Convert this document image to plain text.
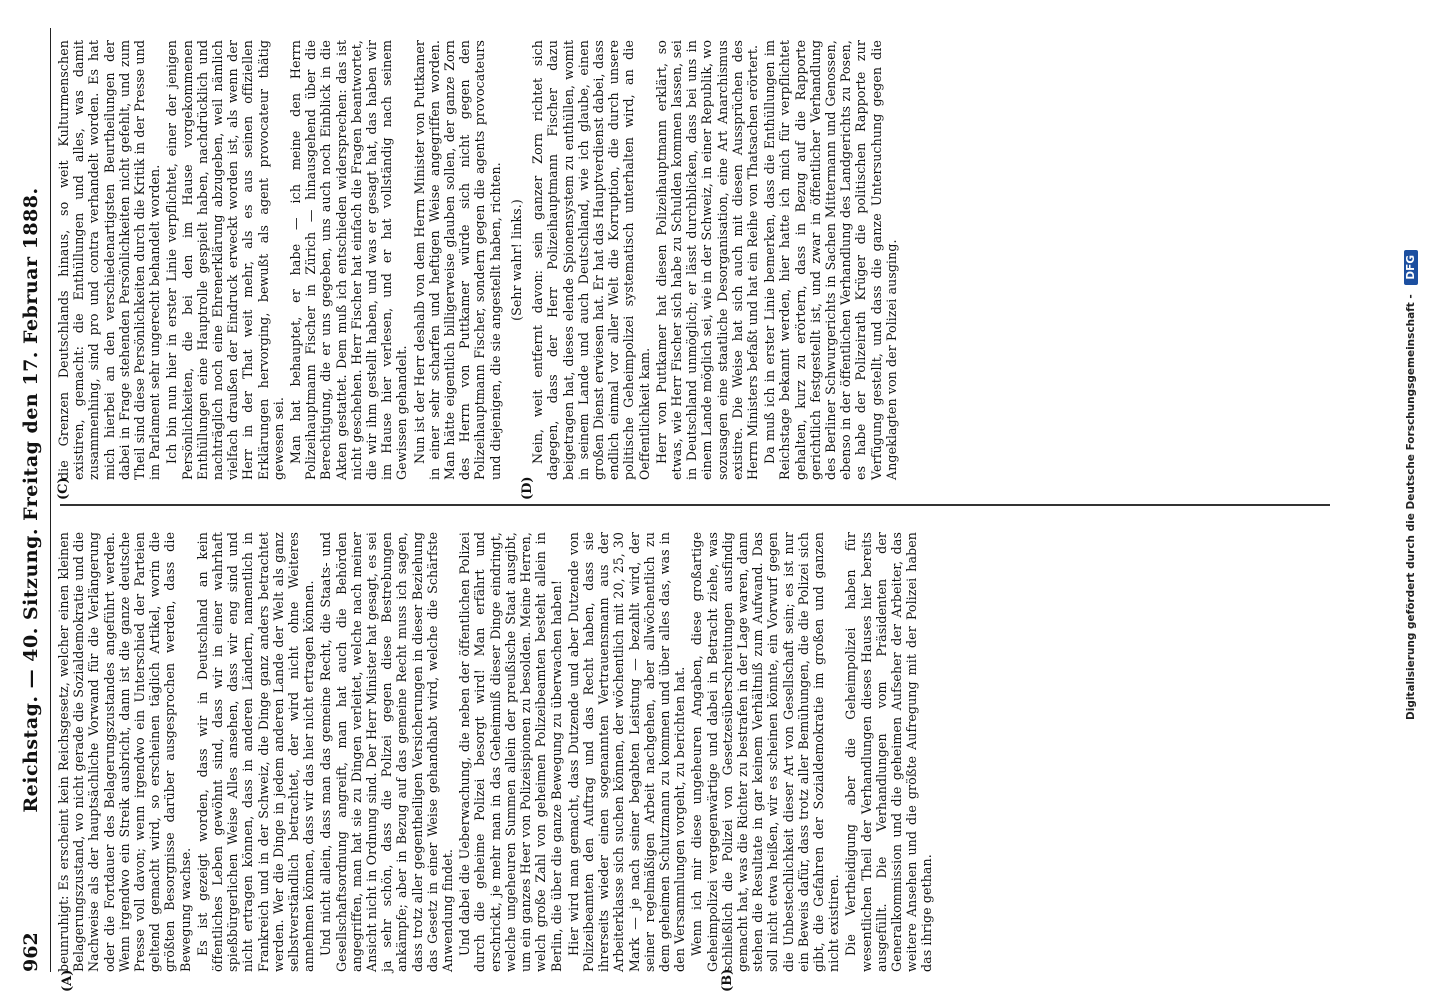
962
Reichstag. — 40. Sitzung. Freitag den 17. Februar 1888.
(A)	(B)
(C)	(D)

beunruhigt: Es erscheint kein Reichsgesetz, welcher einen kleinen Belagerungszustand, wo nicht gerade die Sozialdemokratie und die Nachweise als der hauptsächliche Vorwand für die Verlängerung oder die Fortdauer des Belagerungszustandes angeführt werden. Wenn irgendwo ein Streik ausbricht, dann ist die ganze deutsche Presse voll davon; wenn irgendwo ein Unterschied der Parteien geltend gemacht wird, so erscheinen täglich Artikel, worin die größten Besorgnisse darüber ausgesprochen werden, dass die Bewegung wachse. Es ist gezeigt worden, dass wir in Deutschland an kein öffentliches Leben gewöhnt sind, dass wir in einer wahrhaft spießbürgerlichen Weise Alles ansehen, dass wir eng sind und nicht ertragen können, dass in anderen Ländern, namentlich in Frankreich und in der Schweiz, die Dinge ganz anders betrachtet werden. Wer die Dinge in jedem anderen Lande der Welt als ganz selbstverständlich betrachtet, der wird nicht ohne Weiteres annehmen können, dass wir das hier nicht ertragen können. Und nicht allein, dass man das gemeine Recht, die Staats- und Gesellschaftsordnung angreift, man hat auch die Behörden angegriffen, man hat sie zu Dingen verleitet, welche nach meiner Ansicht nicht in Ordnung sind. Der Herr Minister hat gesagt, es sei ja sehr schön, dass die Polizei gegen diese Bestrebungen ankämpfe; aber in Bezug auf das gemeine Recht muss ich sagen, dass trotz aller gegentheiligen Versicherungen in dieser Beziehung das Gesetz in einer Weise gehandhabt wird, welche die Schärfste Anwendung findet. Und dabei die Ueberwachung, die neben der öffentlichen Polizei durch die geheime Polizei besorgt wird! Man erfährt und erschrickt, je mehr man in das Geheimniß dieser Dinge eindringt, welche ungeheuren Summen allein der preußische Staat ausgibt, um ein ganzes Heer von Polizeispionen zu besolden. Meine Herren, welch große Zahl von geheimen Polizeibeamten besteht allein in Berlin, die über die ganze Bewegung zu überwachen haben! Hier wird man gemacht, dass Dutzende und aber Dutzende von Polizeibeamten den Auftrag und das Recht haben, dass sie ihrerseits wieder einen sogenannten Vertrauensmann aus der Arbeiterklasse sich suchen können, der wöchentlich mit 20, 25, 30 Mark — je nach seiner begabten Leistung — bezahlt wird, der seiner regelmäßigen Arbeit nachgehen, aber allwöchentlich zu dem geheimen Schutzmann zu kommen und über alles das, was in den Versammlungen vorgeht, zu berichten hat. Wenn ich mir diese ungeheuren Angaben, diese großartige Geheimpolizei vergegenwärtige und dabei in Betracht ziehe, was schließlich die Polizei von Gesetzesüberschreitungen ausfindig gemacht hat, was die Richter zu bestrafen in der Lage waren, dann stehen die Resultate in gar keinem Verhältniß zum Aufwand. Das soll nicht etwa heißen, wir es scheinen könnte, ein Vorwurf gegen die Unbestechlichkeit dieser Art von Gesellschaft sein; es ist nur ein Beweis dafür, dass trotz aller Bemühungen, die die Polizei sich gibt, die Gefahren der Sozialdemokratie im großen und ganzen nicht existiren. Die Vertheidigung aber die Geheimpolizei haben für wesentlichen Theil der Verhandlungen dieses Hauses hier bereits ausgefüllt. Die Verhandlungen vom Präsidenten der Generalkommission und die geheimen Aufseher der Arbeiter, das weitere Ansehen und die größte Aufregung mit der Polizei haben das ihrige gethan.

die Grenzen Deutschlands hinaus, so weit Kulturmenschen existiren, gemacht: die Enthüllungen und alles, was damit zusammenhing, sind pro und contra verhandelt worden. Es hat mich hierbei an den verschiedenartigsten Beurtheilungen der dabei in Frage stehenden Persönlichkeiten nicht gefehlt, und zum Theil sind diese Persönlichkeiten durch die Kritik in der Presse und im Parlament sehr ungerecht behandelt worden. Ich bin nun hier in erster Linie verpflichtet, einer der jenigen Persönlichkeiten, die bei den im Hause vorgekommenen Enthüllungen eine Hauptrolle gespielt haben, nachdrücklich und nachträglich noch eine Ehrenerklärung abzugeben, weil nämlich vielfach draußen der Eindruck erweckt worden ist, als wenn der Herr in der That weit mehr, als es aus seinen offiziellen Erklärungen hervorging, bewußt als agent provocateur thätig gewesen sei. Man hat behauptet, er habe — ich meine den Herrn Polizeihauptmann Fischer in Zürich — hinausgehend über die Berechtigung, die er uns gegeben, uns auch noch Einblick in die Akten gestattet. Dem muß ich entschieden widersprechen: das ist nicht geschehen. Herr Fischer hat einfach die Fragen beantwortet, die wir ihm gestellt haben, und was er gesagt hat, das haben wir im Hause hier verlesen, und er hat vollständig nach seinem Gewissen gehandelt. Nun ist der Herr deshalb von dem Herrn Minister von Puttkamer in einer sehr scharfen und heftigen Weise angegriffen worden. Man hätte eigentlich billigerweise glauben sollen, der ganze Zorn des Herrn von Puttkamer würde sich nicht gegen den Polizeihauptmann Fischer, sondern gegen die agents provocateurs und diejenigen, die sie angestellt haben, richten. (Sehr wahr! links.) Nein, weit entfernt davon: sein ganzer Zorn richtet sich dagegen, dass der Herr Polizeihauptmann Fischer dazu beigetragen hat, dieses elende Spionensystem zu enthüllen, womit in seinem Lande und auch Deutschland, wie ich glaube, einen großen Dienst erwiesen hat. Er hat das Hauptverdienst dabei, dass endlich einmal vor aller Welt die Korruption, die durch unsere politische Geheimpolizei systematisch unterhalten wird, an die Oeffentlichkeit kam. Herr von Puttkamer hat diesen Polizeihauptmann erklärt, so etwas, wie Herr Fischer sich habe zu Schulden kommen lassen, sei in Deutschland unmöglich; er lässt durchblicken, dass bei uns in einem Lande möglich sei, wie in der Schweiz, in einer Republik, wo sozusagen eine staatliche Desorganisation, eine Art Anarchismus existire. Die Weise hat sich auch mit diesen Aussprüchen des Herrn Ministers befaßt und hat ein Reihe von Thatsachen erörtert. Da muß ich in erster Linie bemerken, dass die Enthüllungen im Reichstage bekannt werden, hier hatte ich mich für verpflichtet gehalten, kurz zu erörtern, dass in Bezug auf die Rapporte gerichtlich festgestellt ist, und zwar in öffentlicher Verhandlung des Berliner Schwurgerichts in Sachen Mittermann und Genossen, ebenso in der öffentlichen Verhandlung des Landgerichts zu Posen, es habe der Polizeirath Krüger die politischen Rapporte zur Verfügung gestellt, und dass die ganze Untersuchung gegen die Angeklagten von der Polizei ausging.	Digitalisierung gefördert durch die Deutsche Forschungsgemeinschaft - DFG
